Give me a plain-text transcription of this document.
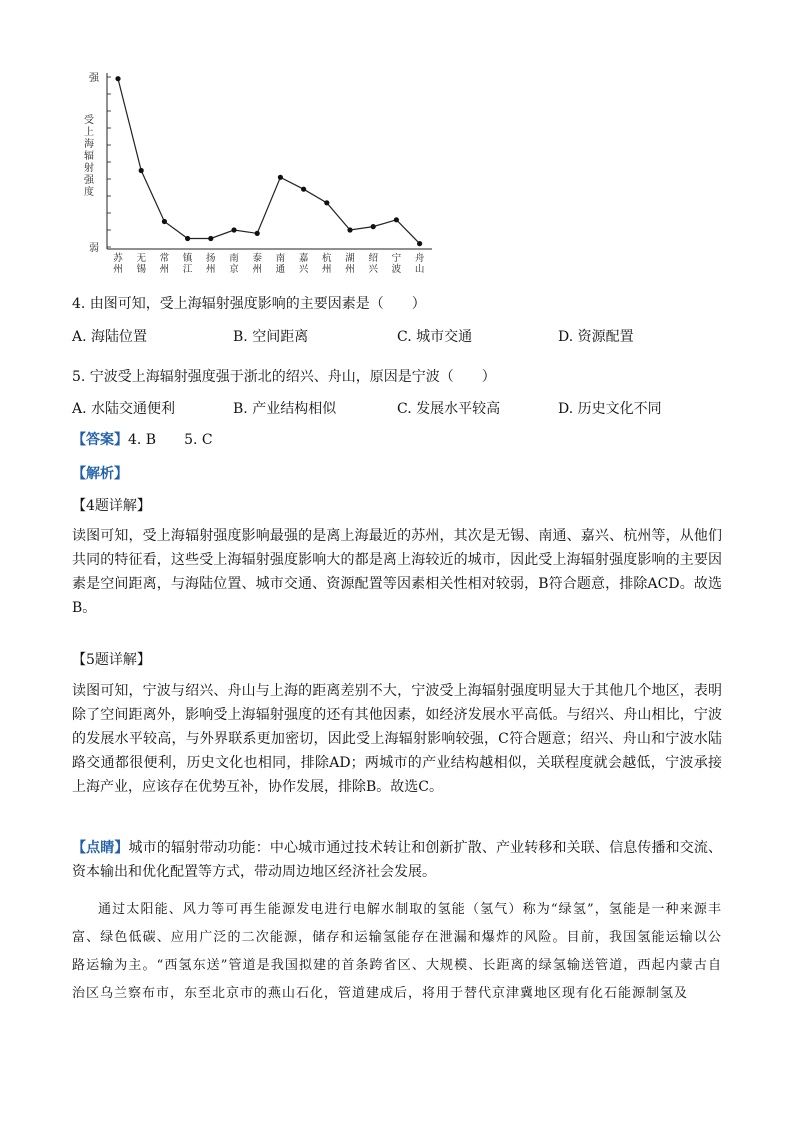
强
弱
受
上
海
辐
射
强
度
苏州
无锡
常州
镇江
扬州
南京
泰州
南通
嘉兴
杭州
湖州
绍兴
宁波
舟山
4. 由图可知，受上海辐射强度影响的主要因素是（　　）
A. 海陆位置	B. 空间距离	C. 城市交通	D. 资源配置
5. 宁波受上海辐射强度强于浙北的绍兴、舟山，原因是宁波（　　）
A. 水陆交通便利	B. 产业结构相似	C. 发展水平较高	D. 历史文化不同
【答案】4. B　　5. C
【解析】
【4题详解】

读图可知，受上海辐射强度影响最强的是离上海最近的苏州，其次是无锡、南通、嘉兴、杭州等，从他们共同的特征看，这些受上海辐射强度影响大的都是离上海较近的城市，因此受上海辐射强度影响的主要因素是空间距离，与海陆位置、城市交通、资源配置等因素相关性相对较弱，B符合题意，排除ACD。故选B。

【5题详解】

读图可知，宁波与绍兴、舟山与上海的距离差别不大，宁波受上海辐射强度明显大于其他几个地区，表明除了空间距离外，影响受上海辐射强度的还有其他因素，如经济发展水平高低。与绍兴、舟山相比，宁波的发展水平较高，与外界联系更加密切，因此受上海辐射影响较强，C符合题意；绍兴、舟山和宁波水陆路交通都很便利，历史文化也相同，排除AD；两城市的产业结构越相似，关联程度就会越低，宁波承接上海产业，应该存在优势互补，协作发展，排除B。故选C。

【点睛】城市的辐射带动功能：中心城市通过技术转让和创新扩散、产业转移和关联、信息传播和交流、资本输出和优化配置等方式，带动周边地区经济社会发展。

通过太阳能、风力等可再生能源发电进行电解水制取的氢能（氢气）称为“绿氢”，氢能是一种来源丰富、绿色低碳、应用广泛的二次能源，储存和运输氢能存在泄漏和爆炸的风险。目前，我国氢能运输以公路运输为主。“西氢东送”管道是我国拟建的首条跨省区、大规模、长距离的绿氢输送管道，西起内蒙古自治区乌兰察布市，东至北京市的燕山石化，管道建成后，将用于替代京津冀地区现有化石能源制氢及
